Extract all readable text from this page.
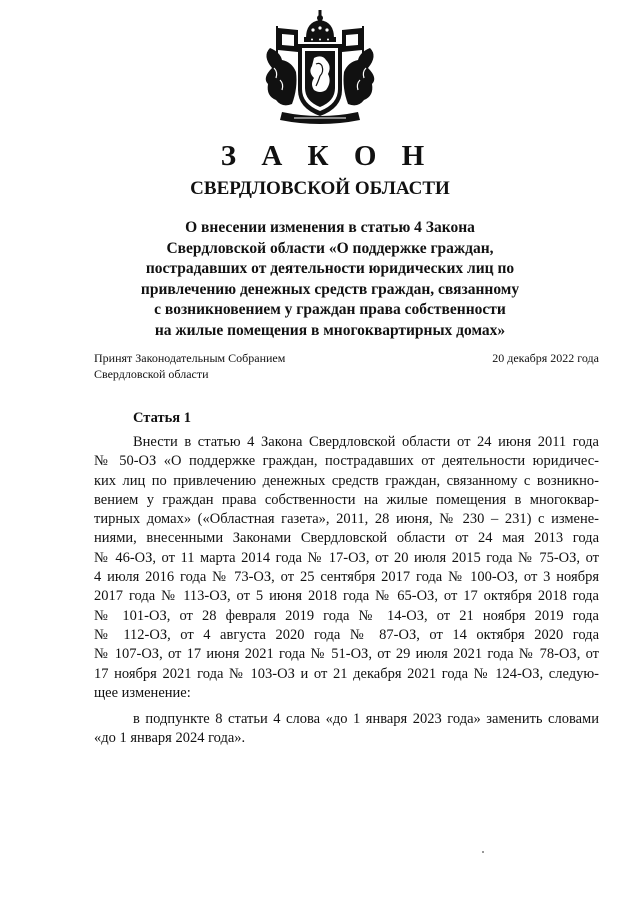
З А К О Н
СВЕРДЛОВСКОЙ ОБЛАСТИ
О внесении изменения в статью 4 Закона
Свердловской области «О поддержке граждан,
пострадавших от деятельности юридических лиц по
привлечению денежных средств граждан, связанному
с возникновением у граждан права собственности
на жилые помещения в многоквартирных домах»
Принят Законодательным Собранием
Свердловской области
20 декабря 2022 года
Статья 1
Внести в статью 4 Закона Свердловской области от 24 июня 2011 года
№ 50-ОЗ «О поддержке граждан, пострадавших от деятельности юридичес-
ких лиц по привлечению денежных средств граждан, связанному с возникно-
вением у граждан права собственности на жилые помещения в многоквар-
тирных домах» («Областная газета», 2011, 28 июня, № 230 – 231) с измене-
ниями, внесенными Законами Свердловской области от 24 мая 2013 года
№ 46-ОЗ, от 11 марта 2014 года № 17-ОЗ, от 20 июля 2015 года № 75-ОЗ, от
4 июля 2016 года № 73-ОЗ, от 25 сентября 2017 года № 100-ОЗ, от 3 ноября
2017 года № 113-ОЗ, от 5 июня 2018 года № 65-ОЗ, от 17 октября 2018 года
№ 101-ОЗ, от 28 февраля 2019 года № 14-ОЗ, от 21 ноября 2019 года
№ 112-ОЗ, от 4 августа 2020 года № 87-ОЗ, от 14 октября 2020 года
№ 107-ОЗ, от 17 июня 2021 года № 51-ОЗ, от 29 июля 2021 года № 78-ОЗ, от
17 ноября 2021 года № 103-ОЗ и от 21 декабря 2021 года № 124-ОЗ, следую-
щее изменение:
в подпункте 8 статьи 4 слова «до 1 января 2023 года» заменить словами
«до 1 января 2024 года».
